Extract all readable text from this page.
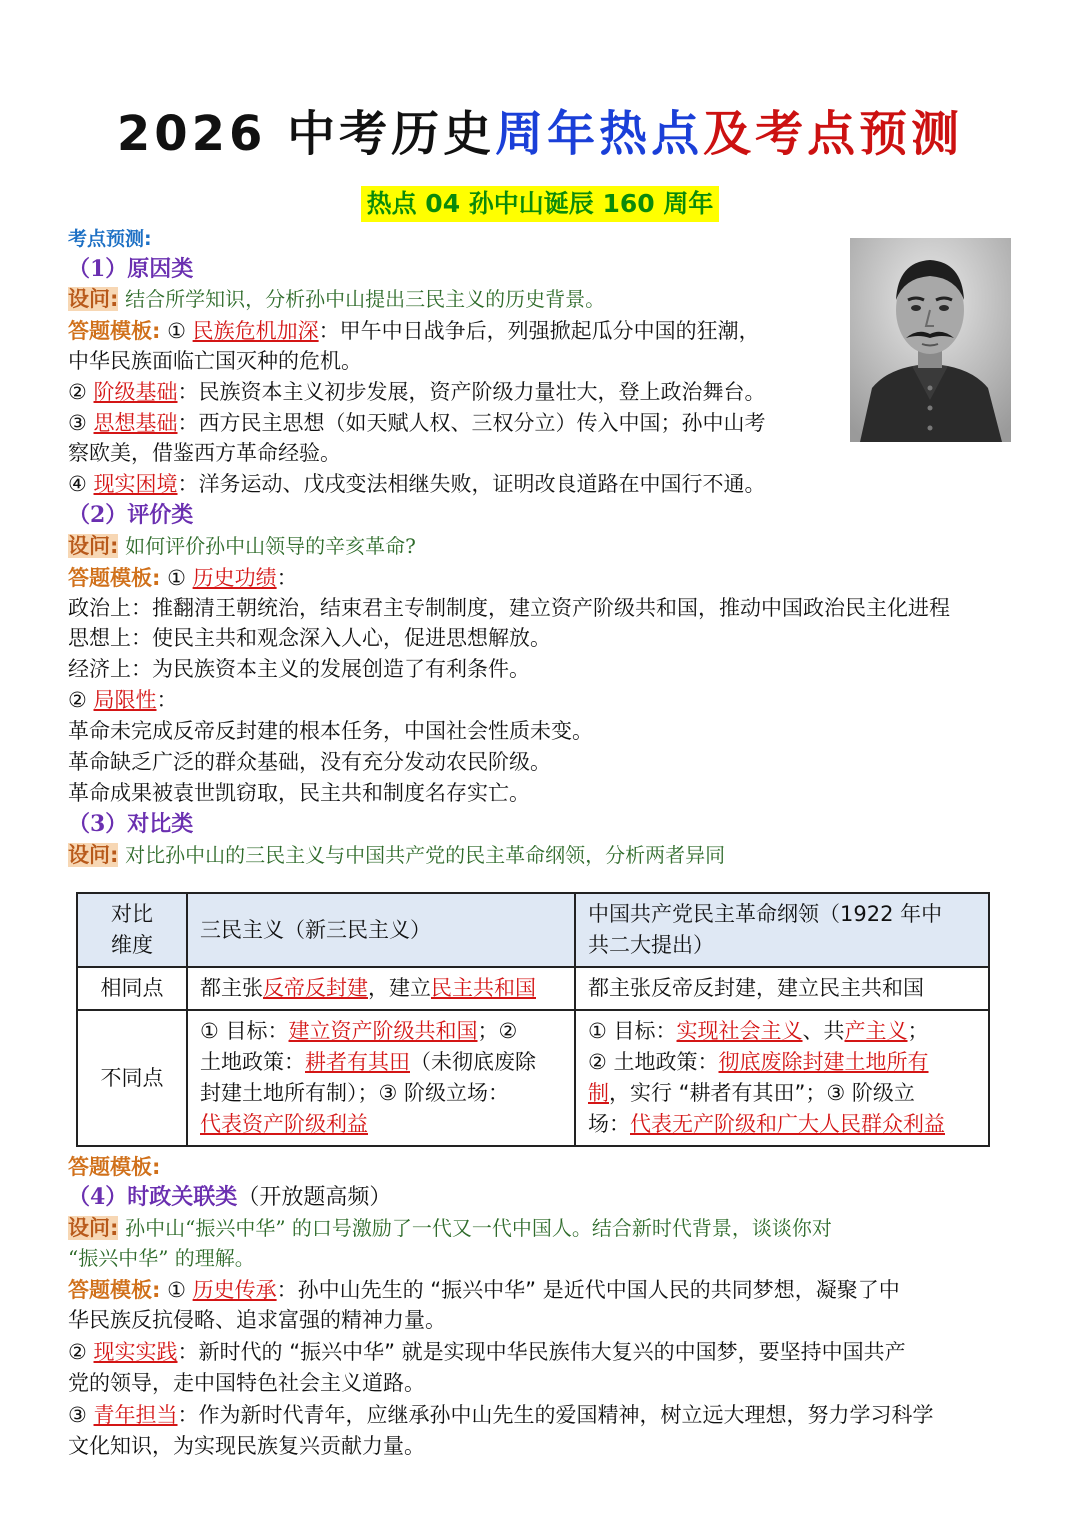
2026 中考历史周年热点及考点预测
热点 04 孙中山诞辰 160 周年
考点预测:
（1）原因类
设问: 结合所学知识，分析孙中山提出三民主义的历史背景。
答题模板: ① 民族危机加深：甲午中日战争后，列强掀起瓜分中国的狂潮，
中华民族面临亡国灭种的危机。
② 阶级基础：民族资本主义初步发展，资产阶级力量壮大，登上政治舞台。
③ 思想基础：西方民主思想（如天赋人权、三权分立）传入中国；孙中山考
察欧美，借鉴西方革命经验。
④ 现实困境：洋务运动、戊戌变法相继失败，证明改良道路在中国行不通。
（2）评价类
设问: 如何评价孙中山领导的辛亥革命?
答题模板: ① 历史功绩：
政治上：推翻清王朝统治，结束君主专制制度，建立资产阶级共和国，推动中国政治民主化进程
思想上：使民主共和观念深入人心，促进思想解放。
经济上：为民族资本主义的发展创造了有利条件。
② 局限性：
革命未完成反帝反封建的根本任务，中国社会性质未变。
革命缺乏广泛的群众基础，没有充分发动农民阶级。
革命成果被袁世凯窃取，民主共和制度名存实亡。
（3）对比类
设问: 对比孙中山的三民主义与中国共产党的民主革命纲领，分析两者异同
对比
维度	三民主义（新三民主义）	中国共产党民主革命纲领（1922 年中
共二大提出）

相同点	都主张反帝反封建，建立民主共和国	都主张反帝反封建，建立民主共和国
不同点	① 目标：建立资产阶级共和国；②
土地政策：耕者有其田（未彻底废除
封建土地所有制）；③ 阶级立场：
代表资产阶级利益	① 目标：实现社会主义、共产主义；
② 土地政策：彻底废除封建土地所有
制，实行 “耕者有其田”；③ 阶级立
场：代表无产阶级和广大人民群众利益
答题模板:
（4）时政关联类（开放题高频）
设问: 孙中山“振兴中华” 的口号激励了一代又一代中国人。结合新时代背景，谈谈你对
“振兴中华” 的理解。
答题模板: ① 历史传承：孙中山先生的 “振兴中华” 是近代中国人民的共同梦想，凝聚了中
华民族反抗侵略、追求富强的精神力量。
② 现实实践：新时代的 “振兴中华” 就是实现中华民族伟大复兴的中国梦，要坚持中国共产
党的领导，走中国特色社会主义道路。
③ 青年担当：作为新时代青年，应继承孙中山先生的爱国精神，树立远大理想，努力学习科学
文化知识，为实现民族复兴贡献力量。
